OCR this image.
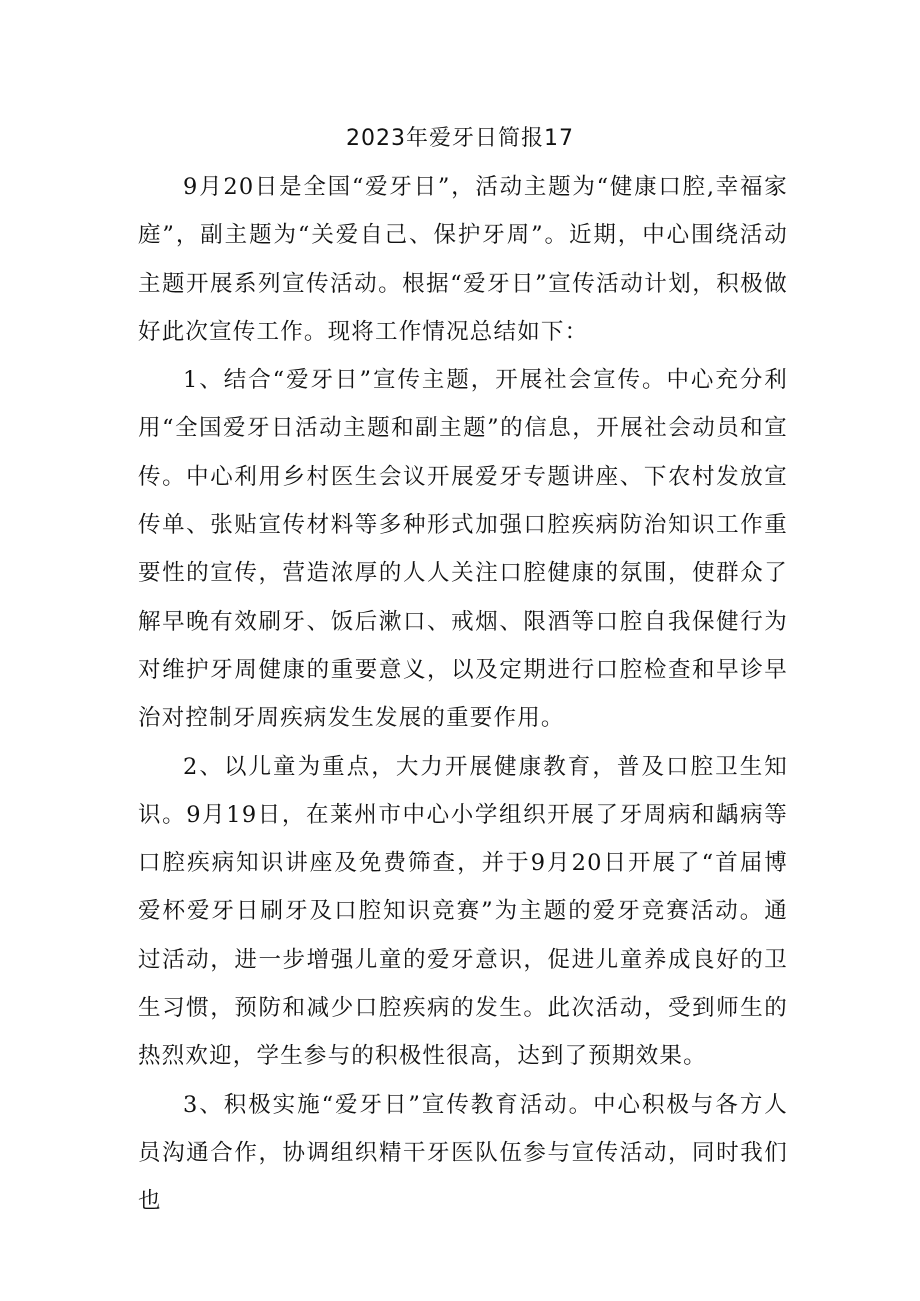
2023年爱牙日简报17

9月20日是全国“爱牙日”，活动主题为“健康口腔,幸福家庭”，副主题为“关爱自己、保护牙周”。近期，中心围绕活动主题开展系列宣传活动。根据“爱牙日”宣传活动计划，积极做好此次宣传工作。现将工作情况总结如下：

1、结合“爱牙日”宣传主题，开展社会宣传。中心充分利用“全国爱牙日活动主题和副主题”的信息，开展社会动员和宣传。中心利用乡村医生会议开展爱牙专题讲座、下农村发放宣传单、张贴宣传材料等多种形式加强口腔疾病防治知识工作重要性的宣传，营造浓厚的人人关注口腔健康的氛围，使群众了解早晚有效刷牙、饭后漱口、戒烟、限酒等口腔自我保健行为对维护牙周健康的重要意义，以及定期进行口腔检查和早诊早治对控制牙周疾病发生发展的重要作用。

2、以儿童为重点，大力开展健康教育，普及口腔卫生知识。9月19日，在莱州市中心小学组织开展了牙周病和龋病等口腔疾病知识讲座及免费筛查，并于9月20日开展了“首届博爱杯爱牙日刷牙及口腔知识竞赛”为主题的爱牙竞赛活动。通过活动，进一步增强儿童的爱牙意识，促进儿童养成良好的卫生习惯，预防和减少口腔疾病的发生。此次活动，受到师生的热烈欢迎，学生参与的积极性很高，达到了预期效果。

3、积极实施“爱牙日”宣传教育活动。中心积极与各方人员沟通合作，协调组织精干牙医队伍参与宣传活动，同时我们也
